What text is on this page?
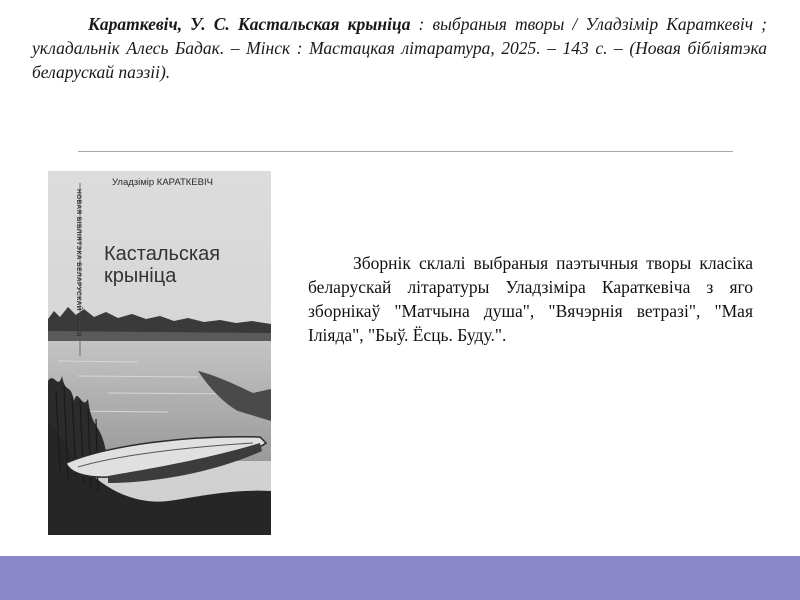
Караткевіч, У. С. Кастальская крыніца : выбраныя творы / Уладзімір Караткевіч ; укладальнік Алесь Бадак. – Мінск : Мастацкая літаратура, 2025. – 143 с. – (Новая бібліятэка беларускай паэзіі).

Уладзімір КАРАТКЕВІЧ
НОВАЯ БІБЛІЯТЭКА БЕЛАРУСКАЙ ПАЭЗІІ Кастальская
крыніца

Зборнік склалі выбраныя паэтычныя творы класіка беларускай літаратуры Уладзіміра Караткевіча з яго зборнікаў "Матчына душа", "Вячэрнія ветразі", "Мая Іліяда", "Быў. Ёсць. Буду.".
